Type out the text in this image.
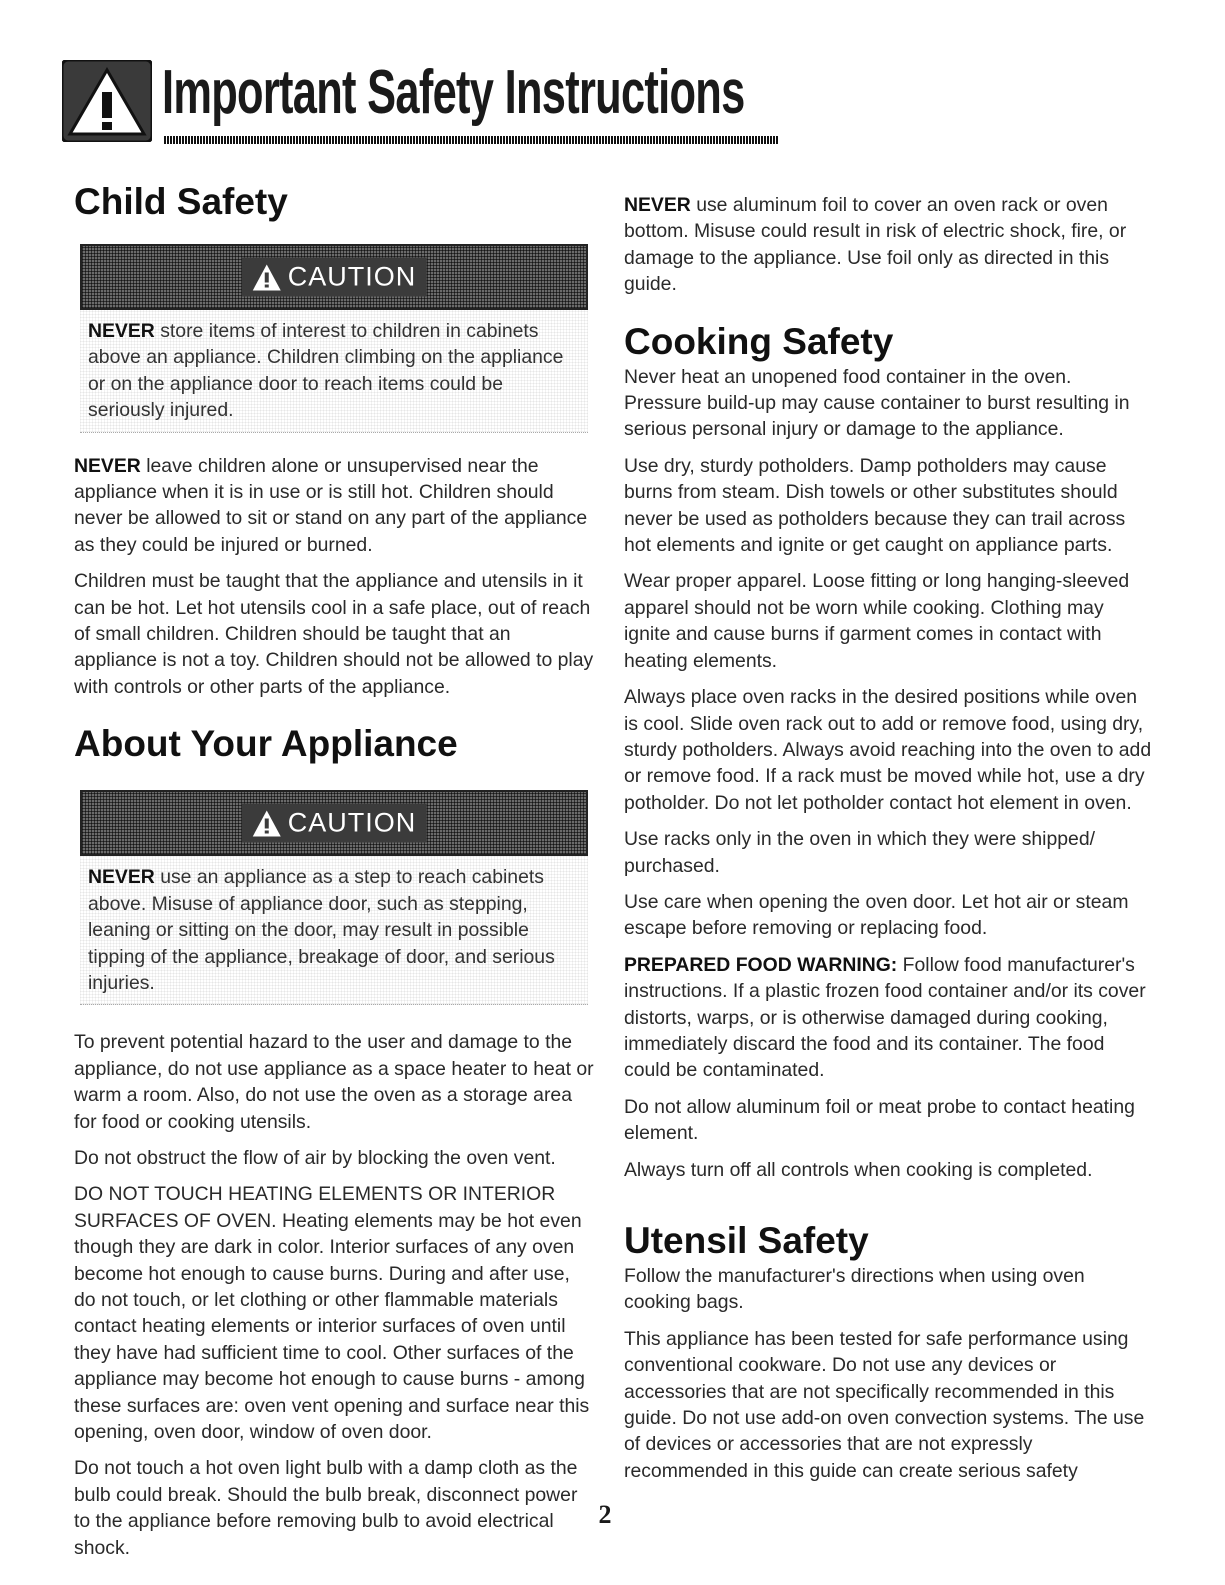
Important Safety Instructions
Child Safety
CAUTION
NEVER store items of interest to children in cabinets above an appliance. Children climbing on the appliance or on the appliance door to reach items could be seriously injured.

NEVER leave children alone or unsupervised near the appliance when it is in use or is still hot. Children should never be allowed to sit or stand on any part of the appliance as they could be injured or burned.

Children must be taught that the appliance and utensils in it can be hot. Let hot utensils cool in a safe place, out of reach of small children. Children should be taught that an appliance is not a toy. Children should not be allowed to play with controls or other parts of the appliance.

About Your Appliance
CAUTION
NEVER use an appliance as a step to reach cabinets above. Misuse of appliance door, such as stepping, leaning or sitting on the door, may result in possible tipping of the appliance, breakage of door, and serious injuries.

To prevent potential hazard to the user and damage to the appliance, do not use appliance as a space heater to heat or warm a room. Also, do not use the oven as a storage area for food or cooking utensils.

Do not obstruct the flow of air by blocking the oven vent.

DO NOT TOUCH HEATING ELEMENTS OR INTERIOR SURFACES OF OVEN. Heating elements may be hot even though they are dark in color. Interior surfaces of any oven become hot enough to cause burns. During and after use, do not touch, or let clothing or other flammable materials contact heating elements or interior surfaces of oven until they have had sufficient time to cool. Other surfaces of the appliance may become hot enough to cause burns - among these surfaces are: oven vent opening and surface near this opening, oven door, window of oven door.

Do not touch a hot oven light bulb with a damp cloth as the bulb could break. Should the bulb break, disconnect power to the appliance before removing bulb to avoid electrical shock.

NEVER use aluminum foil to cover an oven rack or oven bottom. Misuse could result in risk of electric shock, fire, or damage to the appliance. Use foil only as directed in this guide.

Cooking Safety

Never heat an unopened food container in the oven. Pressure build-up may cause container to burst resulting in serious personal injury or damage to the appliance.

Use dry, sturdy potholders. Damp potholders may cause burns from steam. Dish towels or other substitutes should never be used as potholders because they can trail across hot elements and ignite or get caught on appliance parts.

Wear proper apparel. Loose fitting or long hanging-sleeved apparel should not be worn while cooking. Clothing may ignite and cause burns if garment comes in contact with heating elements.

Always place oven racks in the desired positions while oven is cool. Slide oven rack out to add or remove food, using dry, sturdy potholders. Always avoid reaching into the oven to add or remove food. If a rack must be moved while hot, use a dry potholder. Do not let potholder contact hot element in oven.

Use racks only in the oven in which they were shipped/ purchased.

Use care when opening the oven door. Let hot air or steam escape before removing or replacing food.

PREPARED FOOD WARNING: Follow food manufacturer's instructions. If a plastic frozen food container and/or its cover distorts, warps, or is otherwise damaged during cooking, immediately discard the food and its container. The food could be contaminated.

Do not allow aluminum foil or meat probe to contact heating element.

Always turn off all controls when cooking is completed.

Utensil Safety

Follow the manufacturer's directions when using oven cooking bags.

This appliance has been tested for safe performance using conventional cookware. Do not use any devices or accessories that are not specifically recommended in this guide. Do not use add-on oven convection systems. The use of devices or accessories that are not expressly recommended in this guide can create serious safety

2
